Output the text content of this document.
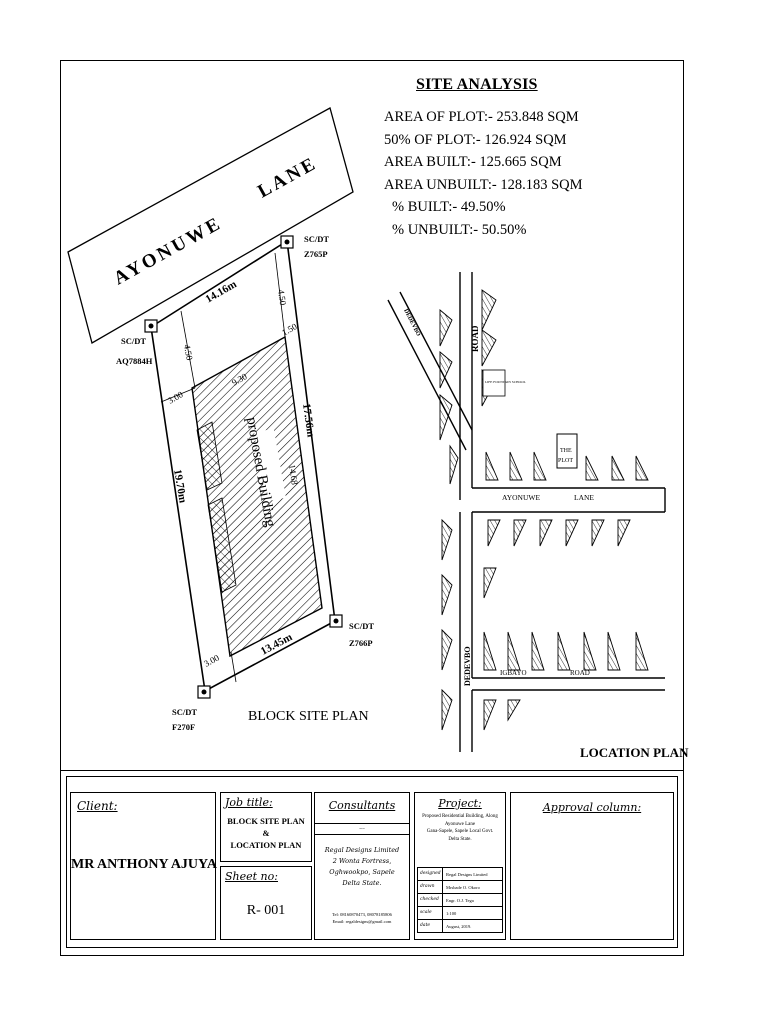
SITE ANALYSIS
AREA OF PLOT:- 253.848 SQM
50% OF PLOT:- 126.924 SQM
AREA BUILT:- 125.665 SQM
AREA UNBUILT:- 128.183 SQM
% BUILT:- 49.50%
% UNBUILT:- 50.50%
AYONUWE
LANE
proposed Building
14.16m
19.70m
17.56m
13.45m
4.50
4.50
1.50
3.00
3.00
9.30
14.68
SC/DT
AQ7884H
SC/DT
Z765P
SC/DT
Z766P
SC/DT
F270F
BLOCK SITE PLAN
LIFE FOUNTAIN SCHOOL
THE
PLOT
ROAD
DEDEVBO
AYONUWE	LANE
DEDEVBO	IGBAYO	ROAD
LOCATION PLAN
Client:
MR ANTHONY AJUYA
Job title:
BLOCK SITE PLAN
&
LOCATION PLAN
Sheet no:
R- 001
Consultants
...
Regal Designs Limited
2 Wonta Fortress, Oghwookpo, Sapele
Delta State.
Tel: 08160870473, 08078185806
Email: regaldesigns@gmail.com
Project:
Proposed Residential Building, Along
Ayonuwe Lane
Gana-Sapele, Sapele Local Govt.
Delta State.
designed	Regal Designs Limited
drawn	Mrsbade O. Okoro
checked	Engr. O.J. Tega
scale	1:100
date	August, 2019.
Approval column:
